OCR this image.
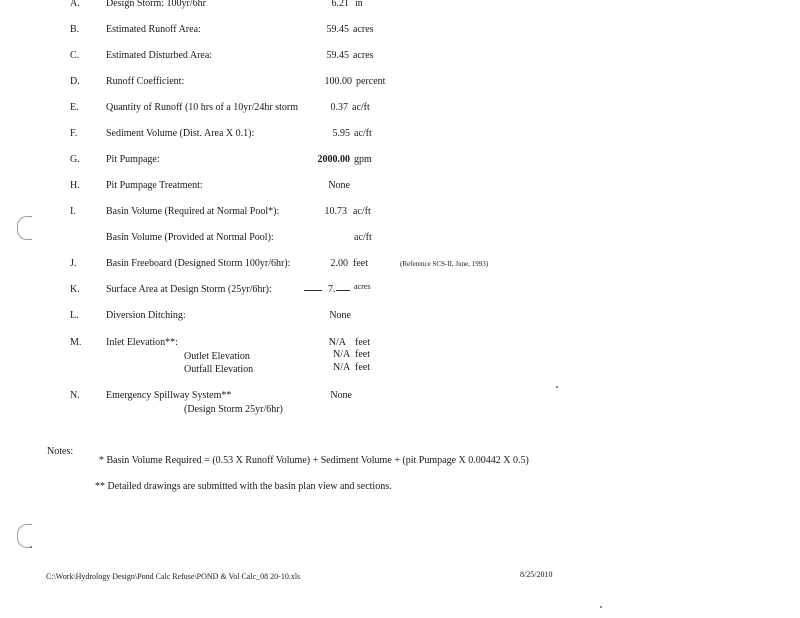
A.	Design Storm: 100yr/6hr	6.21 in
B.	Estimated Runoff Area:	59.45 acres
C.	Estimated Disturbed Area:	59.45 acres
D.	Runoff Coefficient:	100.00 percent
E.	Quantity of Runoff (10 hrs of a 10yr/24hr storm	0.37 ac/ft
F.	Sediment Volume (Dist. Area X 0.1):	5.95 ac/ft
G.	Pit Pumpage:	2000.00 gpm
H.	Pit Pumpage Treatment:	None
I.	Basin Volume (Required at Normal Pool*):	10.73 ac/ft
Basin Volume (Provided at Normal Pool):	ac/ft
J.	Basin Freeboard (Designed Storm 100yr/6hr):	2.00 feet	(Reference SCS-II, June, 1993)
K.	Surface Area at Design Storm (25yr/6hr):	7.	acres
L.	Diversion Ditching:	None
M. Inlet Elevation**:	N/A feet
Outlet Elevation	N/A feet
Outfall Elevation	N/A feet
N.	Emergency Spillway System**	None
(Design Storm 25yr/6hr)
Notes:
* Basin Volume Required = (0.53 X Runoff Volume) + Sediment Volume + (pit Pumpage X 0.00442 X 0.5)
** Detailed drawings are submitted with the basin plan view and sections.
C:\Work\Hydrology Design\Pond Calc Refuse\POND & Vol Calc_08 20-10.xls	8/25/2010
